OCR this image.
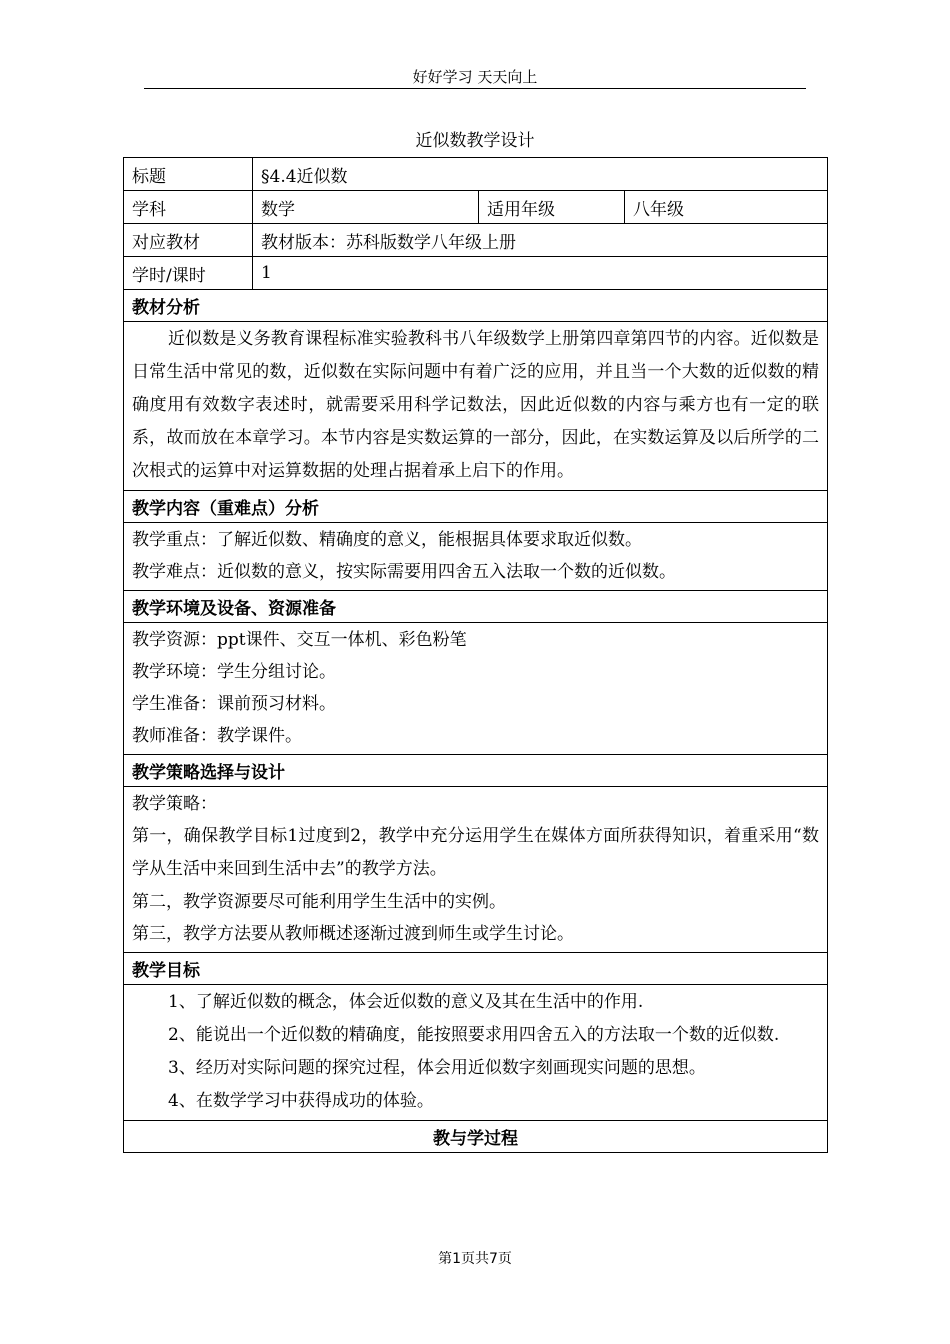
好好学习 天天向上
近似数教学设计
标题	§4.4近似数
学科	数学	适用年级	八年级
对应教材	教材版本：苏科版数学八年级上册
学时/课时	1
教材分析
近似数是义务教育课程标准实验教科书八年级数学上册第四章第四节的内容。近似数是日常生活中常见的数，近似数在实际问题中有着广泛的应用，并且当一个大数的近似数的精确度用有效数字表述时，就需要采用科学记数法，因此近似数的内容与乘方也有一定的联系，故而放在本章学习。本节内容是实数运算的一部分，因此，在实数运算及以后所学的二次根式的运算中对运算数据的处理占据着承上启下的作用。
教学内容（重难点）分析
教学重点：了解近似数、精确度的意义，能根据具体要求取近似数。
教学难点：近似数的意义，按实际需要用四舍五入法取一个数的近似数。
教学环境及设备、资源准备
教学资源：ppt课件、交互一体机、彩色粉笔
教学环境：学生分组讨论。
学生准备：课前预习材料。
教师准备：教学课件。
教学策略选择与设计
教学策略：
第一，确保教学目标1过度到2，教学中充分运用学生在媒体方面所获得知识，着重采用“数学从生活中来回到生活中去”的教学方法。
第二，教学资源要尽可能利用学生生活中的实例。
第三，教学方法要从教师概述逐渐过渡到师生或学生讨论。
教学目标
1、了解近似数的概念，体会近似数的意义及其在生活中的作用.
2、能说出一个近似数的精确度，能按照要求用四舍五入的方法取一个数的近似数.
3、经历对实际问题的探究过程，体会用近似数字刻画现实问题的思想。
4、在数学学习中获得成功的体验。
教与学过程
第1页共7页
